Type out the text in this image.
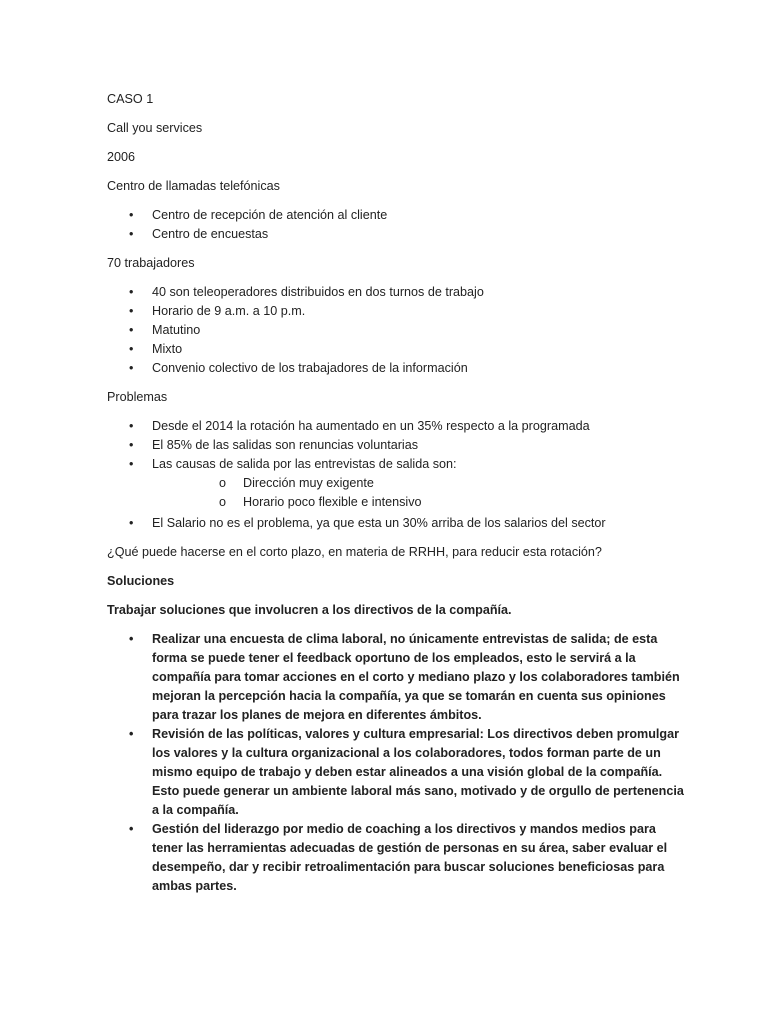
CASO 1

Call you services

2006

Centro de llamadas telefónicas

• Centro de recepción de atención al cliente
• Centro de encuestas

70 trabajadores

• 40 son teleoperadores distribuidos en dos turnos de trabajo
• Horario de 9 a.m. a 10 p.m.
• Matutino
• Mixto
• Convenio colectivo de los trabajadores de la información

Problemas

• Desde el 2014 la rotación ha aumentado en un 35% respecto a la programada
• El 85% de las salidas son renuncias voluntarias
• Las causas de salida por las entrevistas de salida son:
o Dirección muy exigente
o Horario poco flexible e intensivo
• El Salario no es el problema, ya que esta un 30% arriba de los salarios del sector

¿Qué puede hacerse en el corto plazo, en materia de RRHH, para reducir esta rotación?

Soluciones

Trabajar soluciones que involucren a los directivos de la compañía.

• Realizar una encuesta de clima laboral, no únicamente entrevistas de salida; de esta forma se puede tener el feedback oportuno de los empleados, esto le servirá a la compañía para tomar acciones en el corto y mediano plazo y los colaboradores también mejoran la percepción hacia la compañía, ya que se tomarán en cuenta sus opiniones para trazar los planes de mejora en diferentes ámbitos.
• Revisión de las políticas, valores y cultura empresarial: Los directivos deben promulgar los valores y la cultura organizacional a los colaboradores, todos forman parte de un mismo equipo de trabajo y deben estar alineados a una visión global de la compañía. Esto puede generar un ambiente laboral más sano, motivado y de orgullo de pertenencia a la compañía.
• Gestión del liderazgo por medio de coaching a los directivos y mandos medios para tener las herramientas adecuadas de gestión de personas en su área, saber evaluar el desempeño, dar y recibir retroalimentación para buscar soluciones beneficiosas para ambas partes.
